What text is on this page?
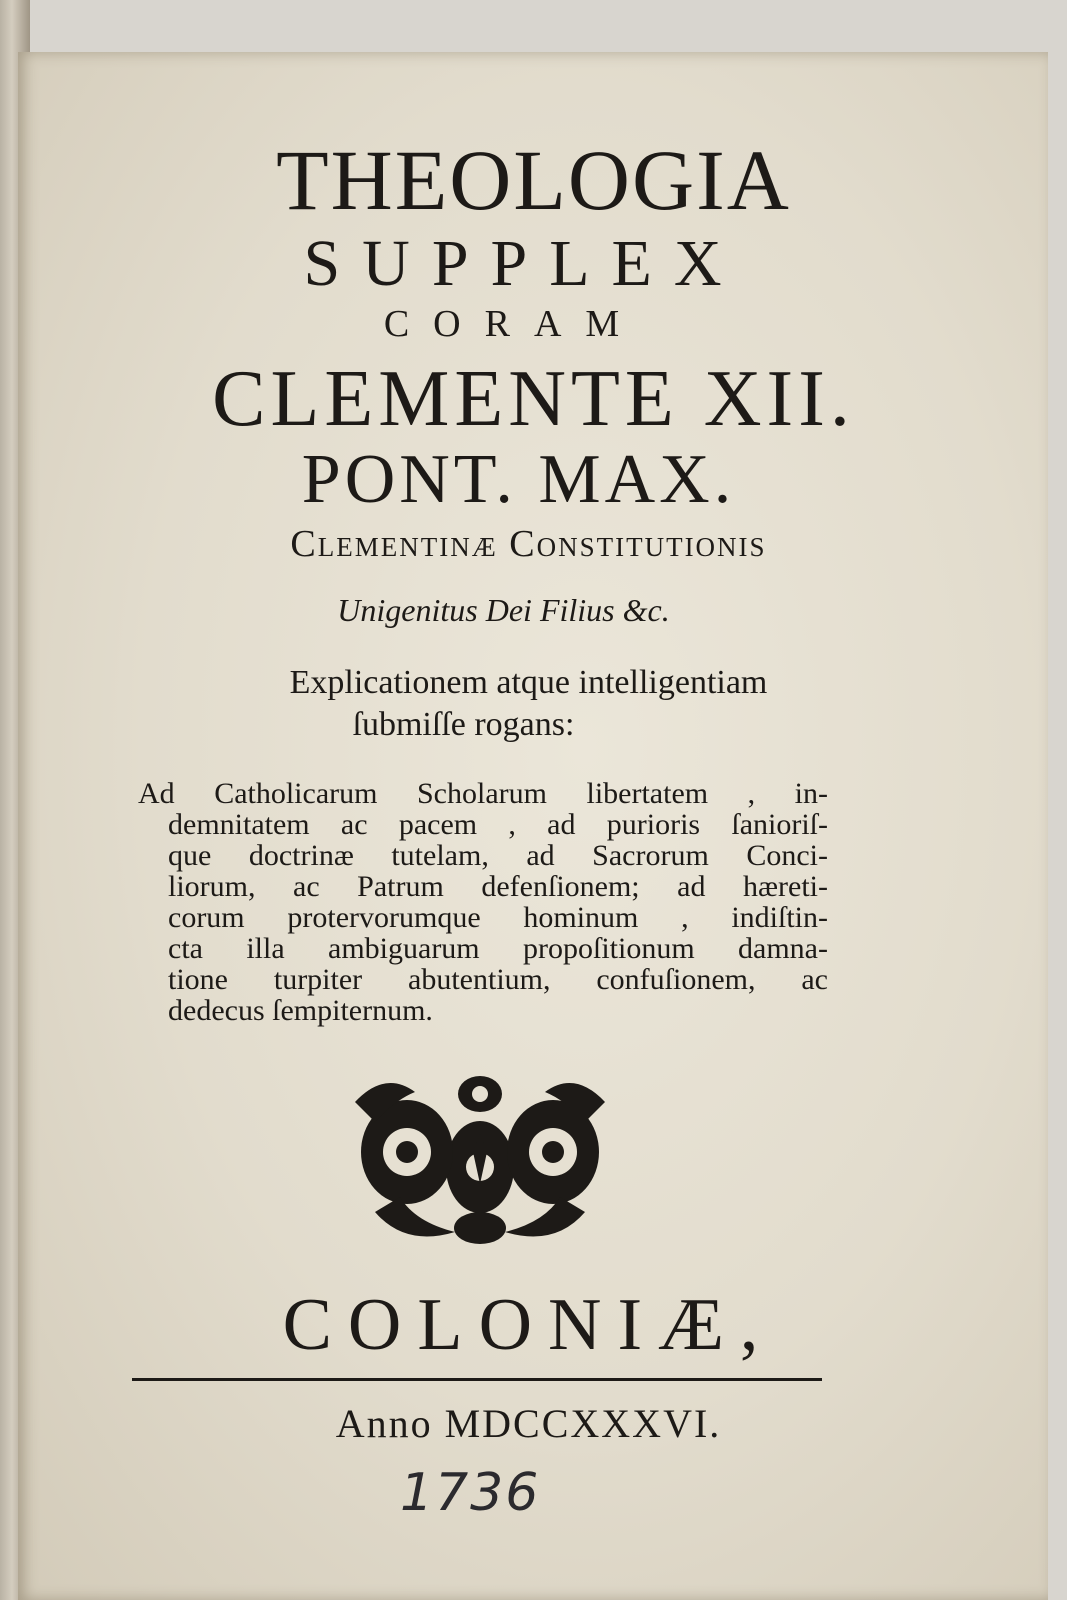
THEOLOGIA
SUPPLEX
CORAM
CLEMENTE XII.
PONT. MAX.
Clementinæ Constitutionis
Unigenitus Dei Filius &c.
Explicationem atque intelligentiam
ſubmiſſe rogans:
Ad Catholicarum Scholarum libertatem , in-
demnitatem ac pacem , ad purioris ſanioriſ-
que doctrinæ tutelam, ad Sacrorum Conci-
liorum, ac Patrum defenſionem; ad hæreti-
corum protervorumque hominum , indiſtin-
cta illa ambiguarum propoſitionum damna-
tione turpiter abutentium, confuſionem, ac
dedecus ſempiternum.
COLONIÆ,
Anno MDCCXXXVI.
1736
